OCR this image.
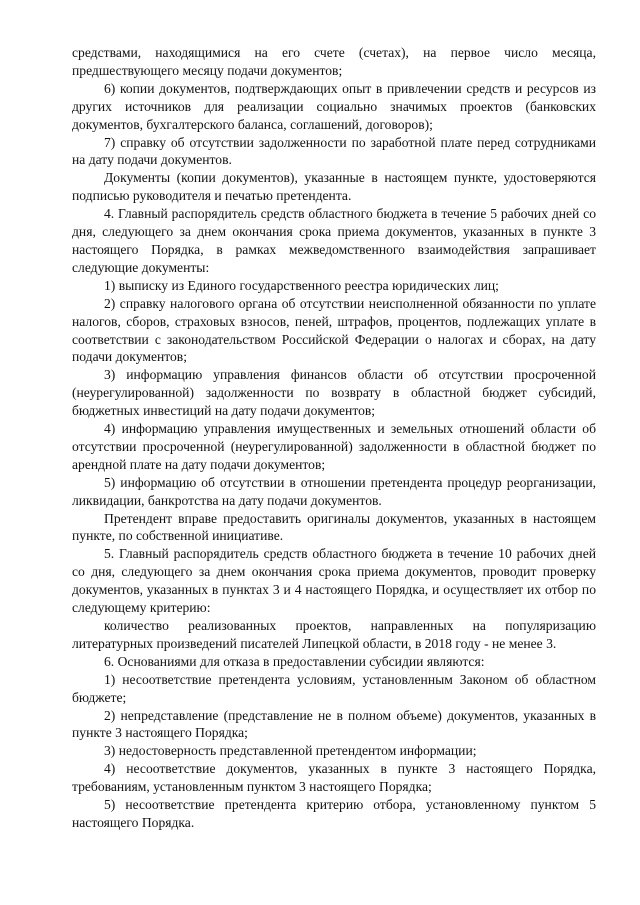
средствами, находящимися на его счете (счетах), на первое число месяца, предшествующего месяцу подачи документов;

6) копии документов, подтверждающих опыт в привлечении средств и ресурсов из других источников для реализации социально значимых проектов (банковских документов, бухгалтерского баланса, соглашений, договоров);

7) справку об отсутствии задолженности по заработной плате перед сотрудниками на дату подачи документов.

Документы (копии документов), указанные в настоящем пункте, удостоверяются подписью руководителя и печатью претендента.

4. Главный распорядитель средств областного бюджета в течение 5 рабочих дней со дня, следующего за днем окончания срока приема документов, указанных в пункте 3 настоящего Порядка, в рамках межведомственного взаимодействия запрашивает следующие документы:

1) выписку из Единого государственного реестра юридических лиц;

2) справку налогового органа об отсутствии неисполненной обязанности по уплате налогов, сборов, страховых взносов, пеней, штрафов, процентов, подлежащих уплате в соответствии с законодательством Российской Федерации о налогах и сборах, на дату подачи документов;

3) информацию управления финансов области об отсутствии просроченной (неурегулированной) задолженности по возврату в областной бюджет субсидий, бюджетных инвестиций на дату подачи документов;

4) информацию управления имущественных и земельных отношений области об отсутствии просроченной (неурегулированной) задолженности в областной бюджет по арендной плате на дату подачи документов;

5) информацию об отсутствии в отношении претендента процедур реорганизации, ликвидации, банкротства на дату подачи документов.

Претендент вправе предоставить оригиналы документов, указанных в настоящем пункте, по собственной инициативе.

5. Главный распорядитель средств областного бюджета в течение 10 рабочих дней со дня, следующего за днем окончания срока приема документов, проводит проверку документов, указанных в пунктах 3 и 4 настоящего Порядка, и осуществляет их отбор по следующему критерию:

количество реализованных проектов, направленных на популяризацию литературных произведений писателей Липецкой области, в 2018 году - не менее 3.

6. Основаниями для отказа в предоставлении субсидии являются:

1) несоответствие претендента условиям, установленным Законом об областном бюджете;

2) непредставление (представление не в полном объеме) документов, указанных в пункте 3 настоящего Порядка;

3) недостоверность представленной претендентом информации;

4) несоответствие документов, указанных в пункте 3 настоящего Порядка, требованиям, установленным пунктом 3 настоящего Порядка;

5) несоответствие претендента критерию отбора, установленному пунктом 5 настоящего Порядка.
